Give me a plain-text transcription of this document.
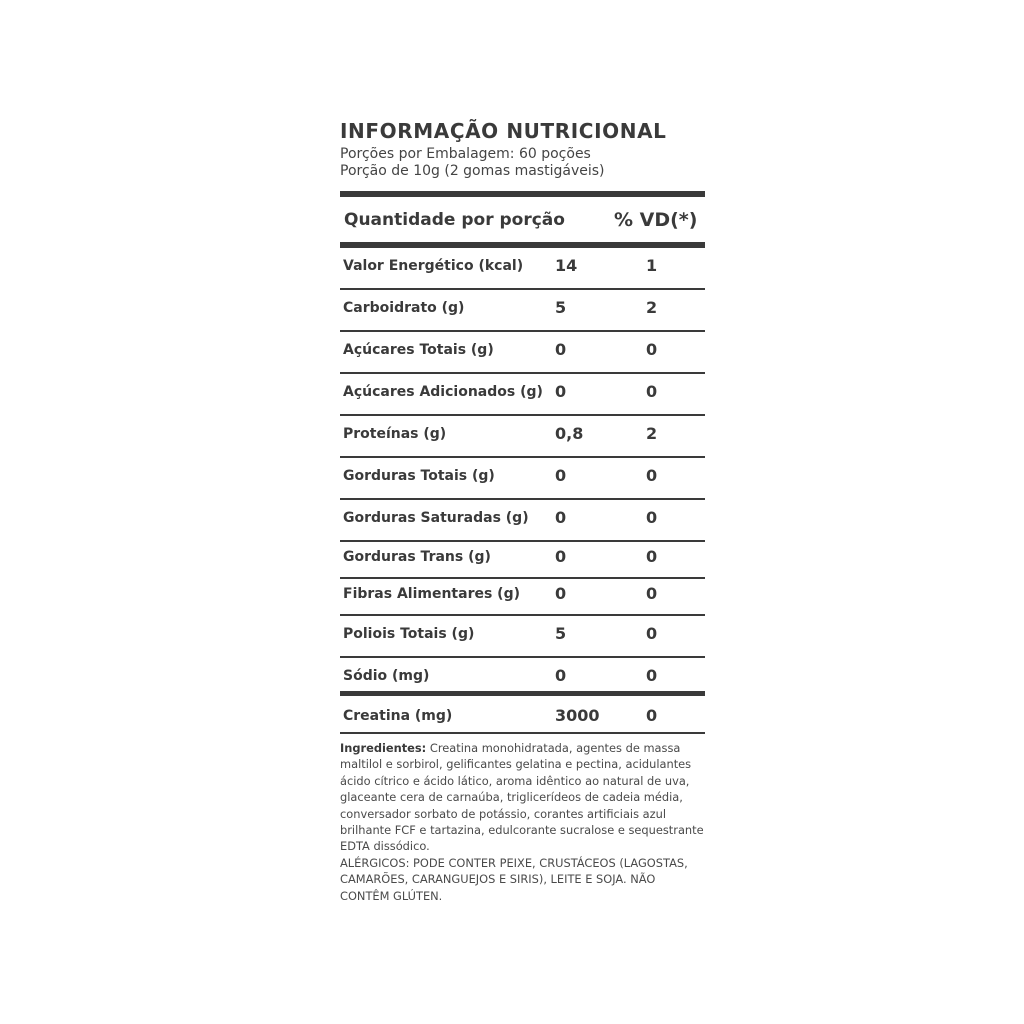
INFORMAÇÃO NUTRICIONAL
Porções por Embalagem: 60 poções
Porção de 10g (2 gomas mastigáveis)
Quantidade por porção	% VD(*)
Valor Energético (kcal) 14	1
Carboidrato (g)	5	2
Açúcares Totais (g)	0	0
Açúcares Adicionados (g) 0	0
Proteínas (g)	0,8	2
Gorduras Totais (g)	0	0
Gorduras Saturadas (g) 0	0
Gorduras Trans (g)	0	0
Fibras Alimentares (g) 0	0
Poliois Totais (g)	5	0
Sódio (mg)	0	0
Creatina (mg)	3000	0

Ingredientes: Creatina monohidratada, agentes de massa maltilol e sorbirol, gelificantes gelatina e pectina, acidulantes ácido cítrico e ácido lático, aroma idêntico ao natural de uva, glaceante cera de carnaúba, triglicerídeos de cadeia média, conversador sorbato de potássio, corantes artificiais azul brilhante FCF e tartazina, edulcorante sucralose e sequestrante EDTA dissódico.

ALÉRGICOS: PODE CONTER PEIXE, CRUSTÁCEOS (LAGOSTAS, CAMARÕES, CARANGUEJOS E SIRIS), LEITE E SOJA. NÃO CONTÊM GLÚTEN.
